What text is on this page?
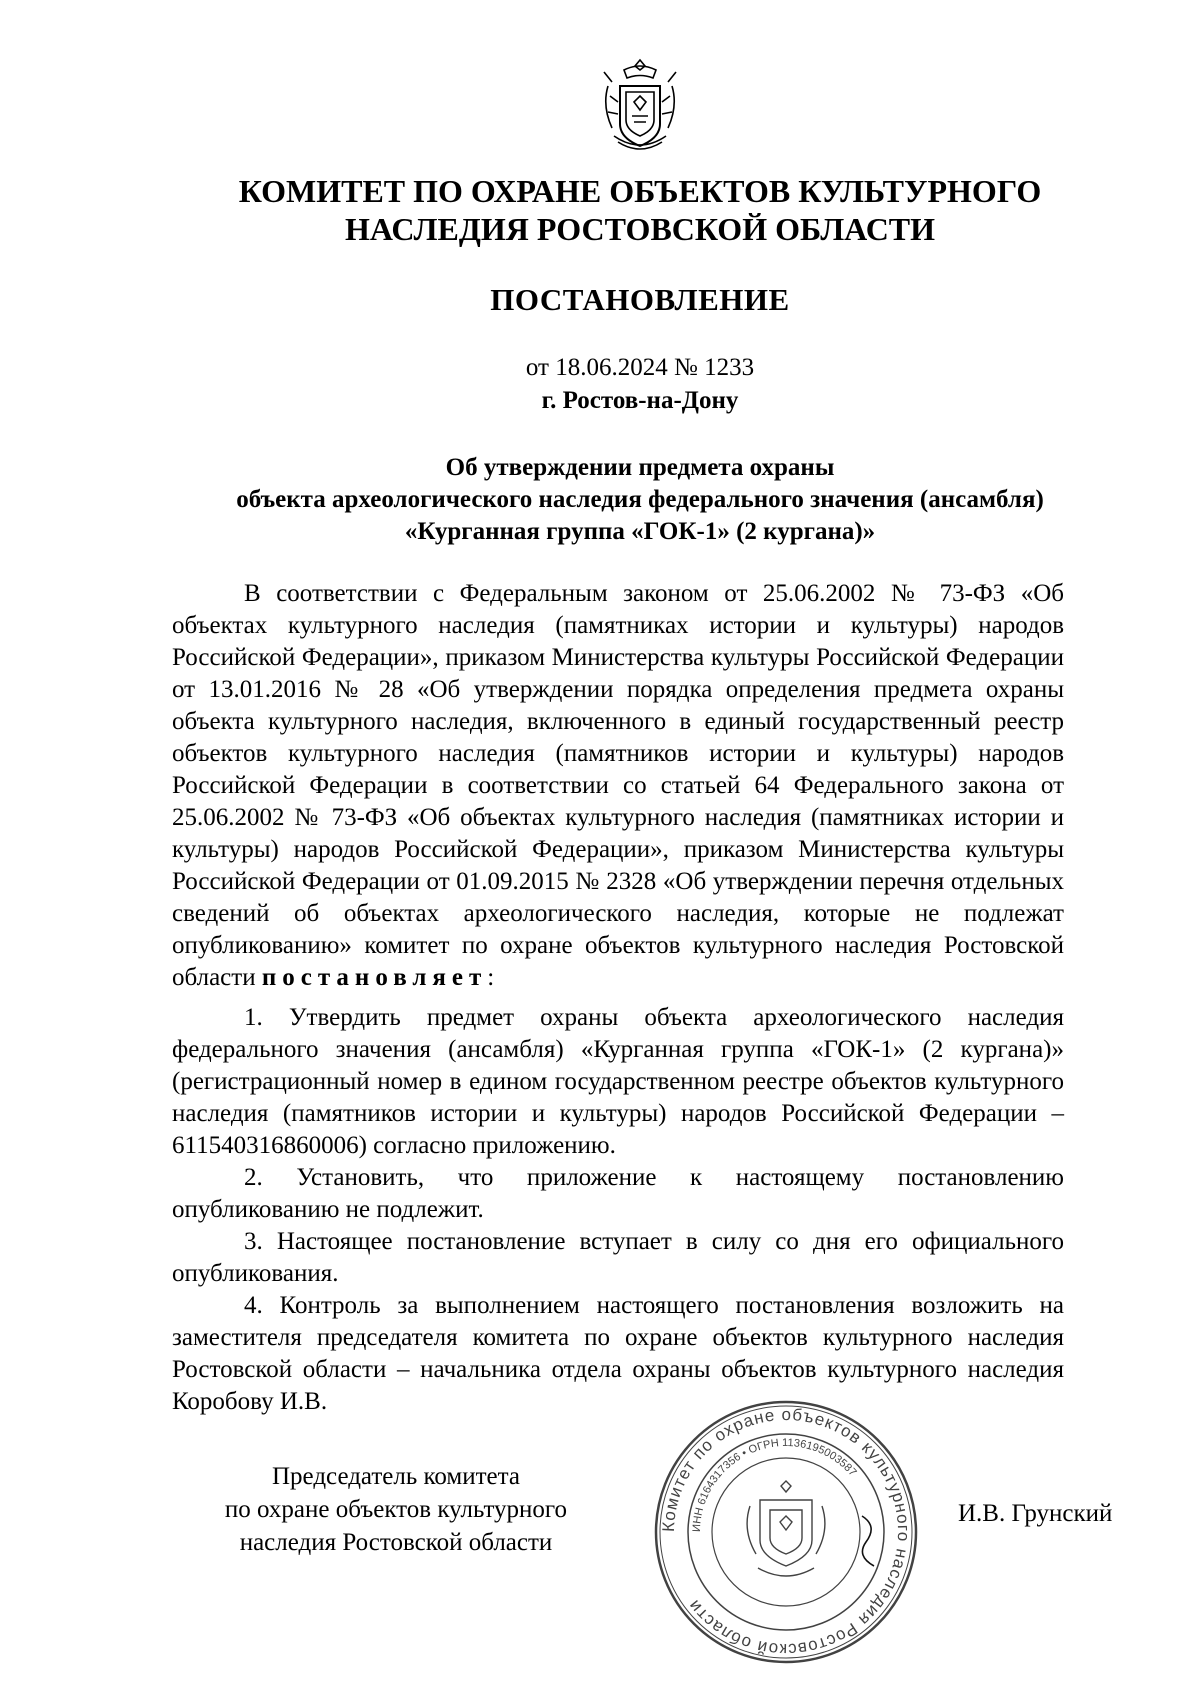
КОМИТЕТ ПО ОХРАНЕ ОБЪЕКТОВ КУЛЬТУРНОГО
НАСЛЕДИЯ РОСТОВСКОЙ ОБЛАСТИ
ПОСТАНОВЛЕНИЕ
от 18.06.2024 № 1233
г. Ростов-на-Дону
Об утверждении предмета охраны
объекта археологического наследия федерального значения (ансамбля)
«Курганная группа «ГОК-1» (2 кургана)»
В соответствии с Федеральным законом от 25.06.2002 № 73-ФЗ «Об объектах культурного наследия (памятниках истории и культуры) народов Российской Федерации», приказом Министерства культуры Российской Федерации от 13.01.2016 № 28 «Об утверждении порядка определения предмета охраны объекта культурного наследия, включенного в единый государственный реестр объектов культурного наследия (памятников истории и культуры) народов Российской Федерации в соответствии со статьей 64 Федерального закона от 25.06.2002 № 73-ФЗ «Об объектах культурного наследия (памятниках истории и культуры) народов Российской Федерации», приказом Министерства культуры Российской Федерации от 01.09.2015 № 2328 «Об утверждении перечня отдельных сведений об объектах археологического наследия, которые не подлежат опубликованию» комитет по охране объектов культурного наследия Ростовской области постановляет:

1. Утвердить предмет охраны объекта археологического наследия федерального значения (ансамбля) «Курганная группа «ГОК-1» (2 кургана)» (регистрационный номер в едином государственном реестре объектов культурного наследия (памятников истории и культуры) народов Российской Федерации – 611540316860006) согласно приложению.

2. Установить, что приложение к настоящему постановлению опубликованию не подлежит.

3. Настоящее постановление вступает в силу со дня его официального опубликования.

4. Контроль за выполнением настоящего постановления возложить на заместителя председателя комитета по охране объектов культурного наследия Ростовской области – начальника отдела охраны объектов культурного наследия Коробову И.В.

Председатель комитета
по охране объектов культурного
наследия Ростовской области
Комитет по охране объектов культурного наследия Ростовской области
ИНН 6164317356 • ОГРН 1136195003587
И.В. Грунский
